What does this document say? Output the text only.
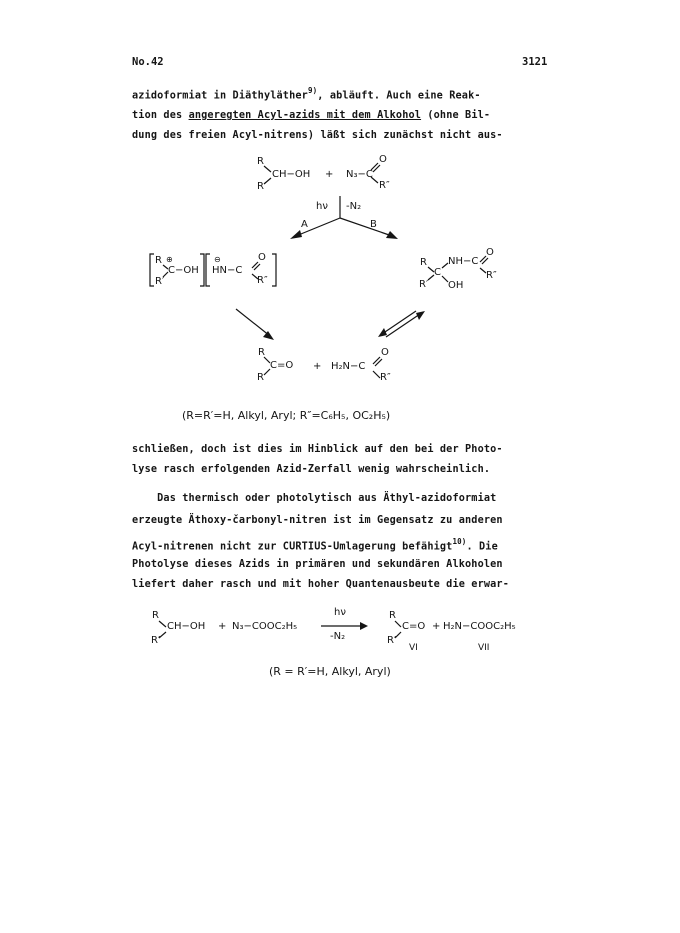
No.42	3121
azidoformiat in Diäthyläther$^{9)}$, abläuft. Auch eine Reak-
tion des angeregten Acyl-azids mit dem Alkohol (ohne Bil-
dung des freien Acyl-nitrens) läßt sich zunächst nicht aus-
R
R′
CH−OH + N₃−C
O
R″
hν -N₂
A	B
R
R′
⊕
C−OH
⊖
HN−C
O
R″
R
R′
C
NH−C
OH
O
R″
R
R′
C=O + H₂N−C
O
R″
(R=R′=H, Alkyl, Aryl; R″=C₆H₅, OC₂H₅)
schließen, doch ist dies im Hinblick auf den bei der Photo-
lyse rasch erfolgenden Azid-Zerfall wenig wahrscheinlich.
Das thermisch oder photolytisch aus Äthyl-azidoformiat
erzeugte Äthoxy-čarbonyl-nitren ist im Gegensatz zu anderen
Acyl-nitrenen nicht zur CURTIUS-Umlagerung befähigt$^{10)}$. Die
Photolyse dieses Azids in primären und sekundären Alkoholen
liefert daher rasch und mit hoher Quantenausbeute die erwar-
R
R′
CH−OH + N₃−COOC₂H₅
hν
-N₂
R
R′
C=O + H₂N−COOC₂H₅
VI	VII
(R = R′=H, Alkyl, Aryl)
